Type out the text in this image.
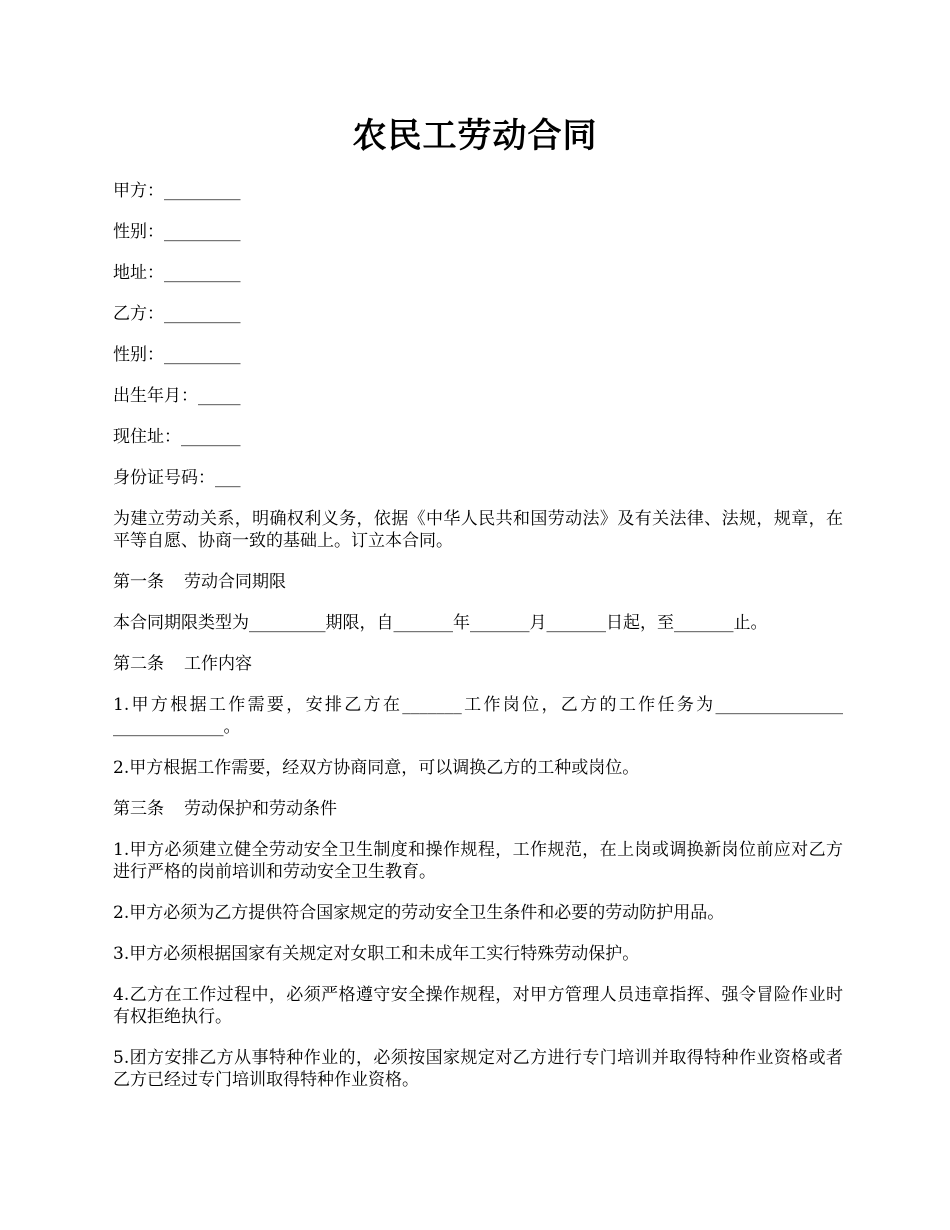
农民工劳动合同

甲方：_________

性别：_________

地址：_________

乙方：_________

性别：_________

出生年月：_____

现住址：_______

身份证号码：___

为建立劳动关系，明确权利义务，依据《中华人民共和国劳动法》及有关法律、法规，规章，在平等自愿、协商一致的基础上。订立本合同。

第一条 劳动合同期限

本合同期限类型为_________期限，自_______年_______月_______日起，至_______止。

第二条 工作内容

1.甲方根据工作需要，安排乙方在_______工作岗位，乙方的工作任务为_______________ _____________。

2.甲方根据工作需要，经双方协商同意，可以调换乙方的工种或岗位。

第三条 劳动保护和劳动条件

1.甲方必须建立健全劳动安全卫生制度和操作规程，工作规范，在上岗或调换新岗位前应对乙方进行严格的岗前培训和劳动安全卫生教育。

2.甲方必须为乙方提供符合国家规定的劳动安全卫生条件和必要的劳动防护用品。

3.甲方必须根据国家有关规定对女职工和未成年工实行特殊劳动保护。

4.乙方在工作过程中，必须严格遵守安全操作规程，对甲方管理人员违章指挥、强令冒险作业时有权拒绝执行。

5.团方安排乙方从事特种作业的，必须按国家规定对乙方进行专门培训并取得特种作业资格或者乙方已经过专门培训取得特种作业资格。
